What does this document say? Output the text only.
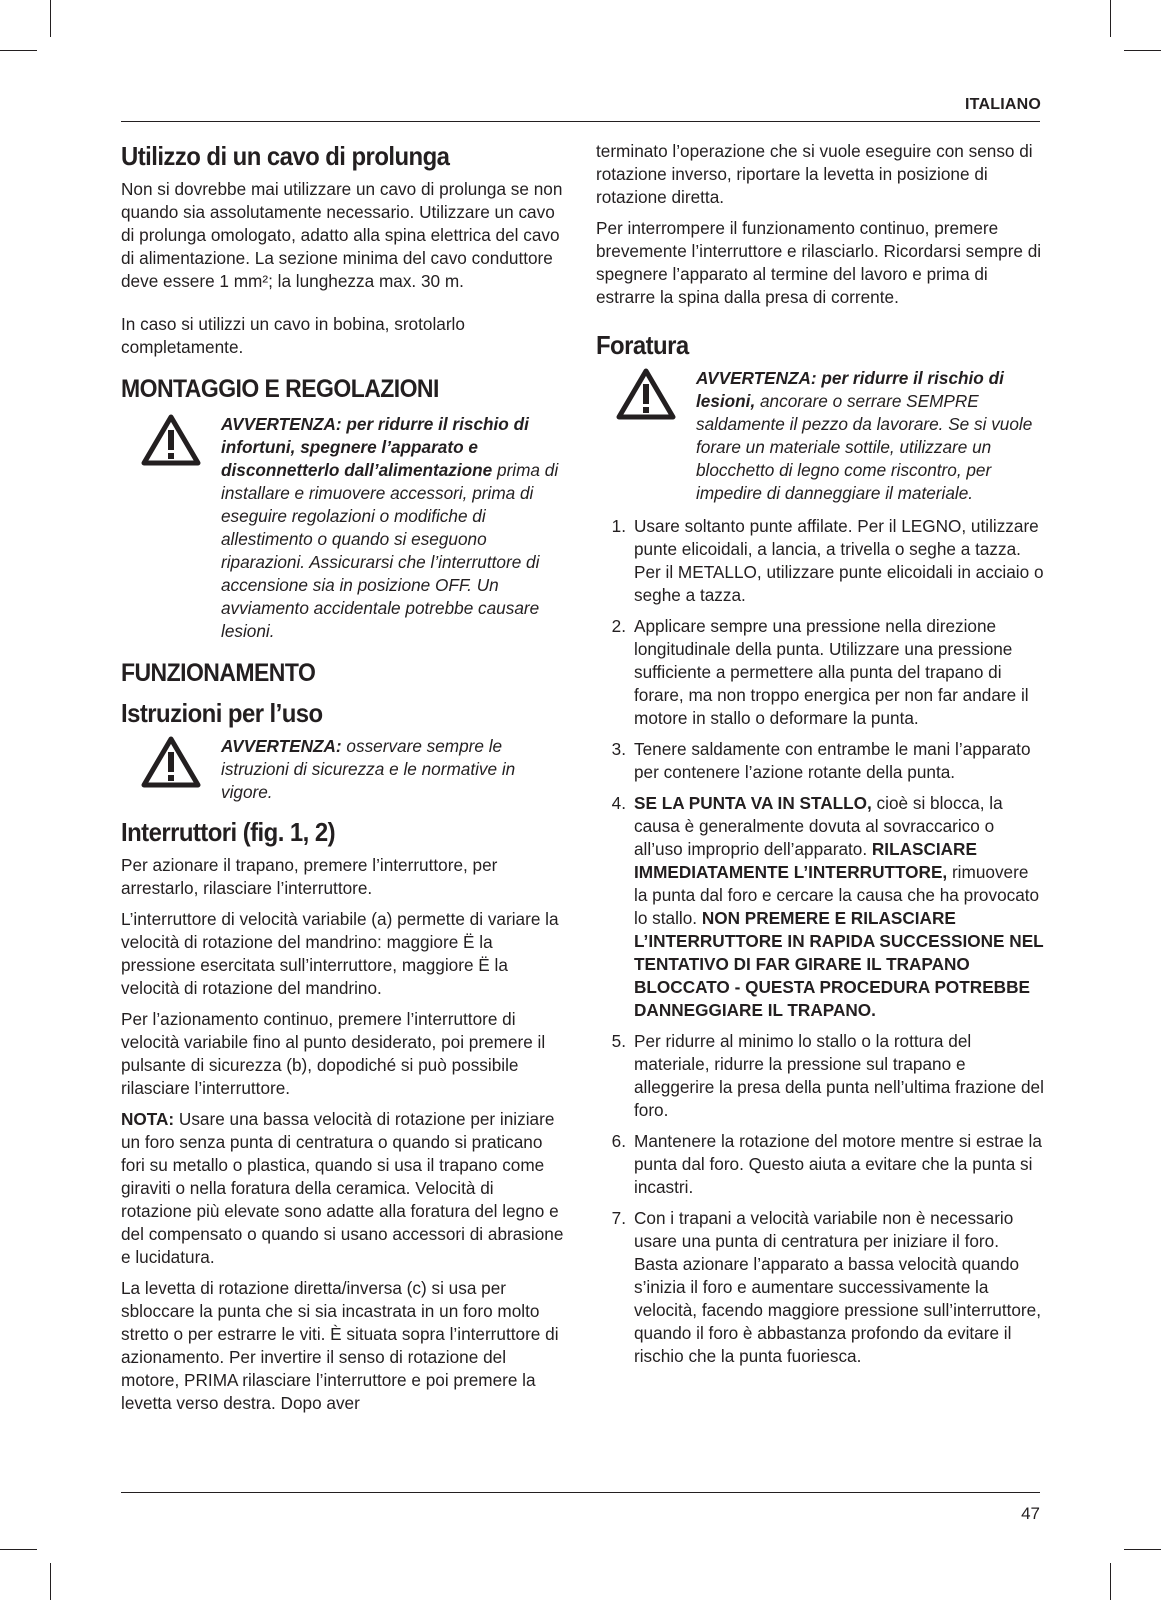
ITALIANO
Utilizzo di un cavo di prolunga

Non si dovrebbe mai utilizzare un cavo di prolunga se non quando sia assolutamente necessario. Utilizzare un cavo di prolunga omologato, adatto alla spina elettrica del cavo di alimentazione. La sezione minima del cavo conduttore deve essere 1 mm²; la lunghezza max. 30 m.

In caso si utilizzi un cavo in bobina, srotolarlo completamente.

MONTAGGIO E REGOLAZIONI
AVVERTENZA: per ridurre il rischio di infortuni, spegnere l’apparato e disconnetterlo dall’alimentazione prima di installare e rimuovere accessori, prima di eseguire regolazioni o modifiche di allestimento o quando si eseguono riparazioni. Assicurarsi che l’interruttore di accensione sia in posizione OFF. Un avviamento accidentale potrebbe causare lesioni.
FUNZIONAMENTO
Istruzioni per l’uso
AVVERTENZA: osservare sempre le istruzioni di sicurezza e le normative in vigore.
Interruttori (fig. 1, 2)

Per azionare il trapano, premere l’interruttore, per arrestarlo, rilasciare l’interruttore.

L’interruttore di velocità variabile (a) permette di variare la velocità di rotazione del mandrino: maggiore Ë la pressione esercitata sull’interruttore, maggiore Ë la velocità di rotazione del mandrino.

Per l’azionamento continuo, premere l’interruttore di velocità variabile fino al punto desiderato, poi premere il pulsante di sicurezza (b), dopodiché si può possibile rilasciare l’interruttore.

NOTA: Usare una bassa velocità di rotazione per iniziare un foro senza punta di centratura o quando si praticano fori su metallo o plastica, quando si usa il trapano come giraviti o nella foratura della ceramica. Velocità di rotazione più elevate sono adatte alla foratura del legno e del compensato o quando si usano accessori di abrasione e lucidatura.

La levetta di rotazione diretta/inversa (c) si usa per sbloccare la punta che si sia incastrata in un foro molto stretto o per estrarre le viti. È situata sopra l’interruttore di azionamento. Per invertire il senso di rotazione del motore, PRIMA rilasciare l’interruttore e poi premere la levetta verso destra. Dopo aver

terminato l’operazione che si vuole eseguire con senso di rotazione inverso, riportare la levetta in posizione di rotazione diretta.

Per interrompere il funzionamento continuo, premere brevemente l’interruttore e rilasciarlo. Ricordarsi sempre di spegnere l’apparato al termine del lavoro e prima di estrarre la spina dalla presa di corrente.

Foratura
AVVERTENZA: per ridurre il rischio di lesioni, ancorare o serrare SEMPRE saldamente il pezzo da lavorare. Se si vuole forare un materiale sottile, utilizzare un blocchetto di legno come riscontro, per impedire di danneggiare il materiale.
1. Usare soltanto punte affilate. Per il LEGNO, utilizzare punte elicoidali, a lancia, a trivella o seghe a tazza. Per il METALLO, utilizzare punte elicoidali in acciaio o seghe a tazza.
2. Applicare sempre una pressione nella direzione longitudinale della punta. Utilizzare una pressione sufficiente a permettere alla punta del trapano di forare, ma non troppo energica per non far andare il motore in stallo o deformare la punta.
3. Tenere saldamente con entrambe le mani l’apparato per contenere l’azione rotante della punta.
4. SE LA PUNTA VA IN STALLO, cioè si blocca, la causa è generalmente dovuta al sovraccarico o all’uso improprio dell’apparato. RILASCIARE IMMEDIATAMENTE L’INTERRUTTORE, rimuovere la punta dal foro e cercare la causa che ha provocato lo stallo. NON PREMERE E RILASCIARE L’INTERRUTTORE IN RAPIDA SUCCESSIONE NEL TENTATIVO DI FAR GIRARE IL TRAPANO BLOCCATO - QUESTA PROCEDURA POTREBBE DANNEGGIARE IL TRAPANO.
5. Per ridurre al minimo lo stallo o la rottura del materiale, ridurre la pressione sul trapano e alleggerire la presa della punta nell’ultima frazione del foro.
6. Mantenere la rotazione del motore mentre si estrae la punta dal foro. Questo aiuta a evitare che la punta si incastri.
7. Con i trapani a velocità variabile non è necessario usare una punta di centratura per iniziare il foro. Basta azionare l’apparato a bassa velocità quando s’inizia il foro e aumentare successivamente la velocità, facendo maggiore pressione sull’interruttore, quando il foro è abbastanza profondo da evitare il rischio che la punta fuoriesca.
47
